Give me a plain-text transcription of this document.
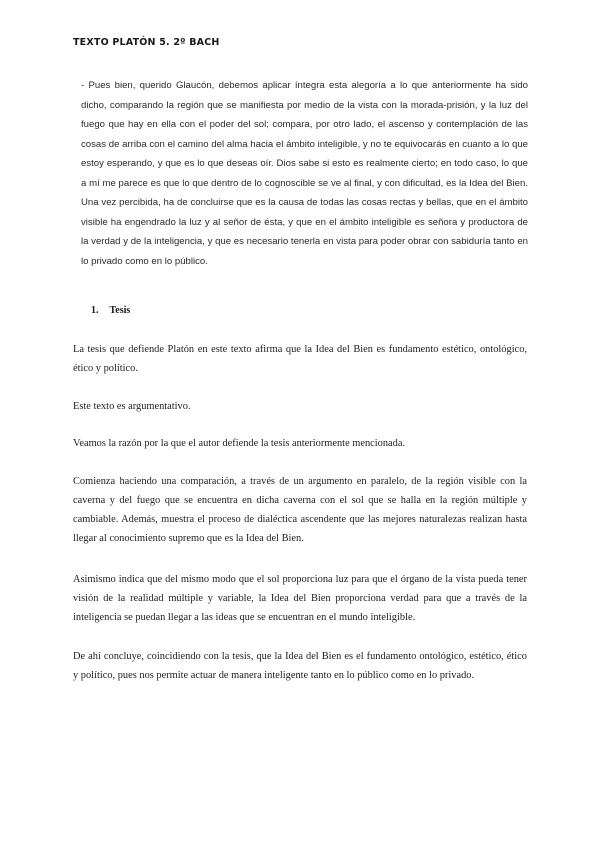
TEXTO PLATÓN 5. 2º BACH

- Pues bien, querido Glaucón, debemos aplicar íntegra esta alegoría a lo que anteriormente ha sido dicho, comparando la región que se manifiesta por medio de la vista con la morada-prisión, y la luz del fuego que hay en ella con el poder del sol; compara, por otro lado, el ascenso y contemplación de las cosas de arriba con el camino del alma hacia el ámbito inteligible, y no te equivocarás en cuanto a lo que estoy esperando, y que es lo que deseas oír. Dios sabe si esto es realmente cierto; en todo caso, lo que a mí me parece es que lo que dentro de lo cognoscible se ve al final, y con dificultad, es la Idea del Bien. Una vez percibida, ha de concluirse que es la causa de todas las cosas rectas y bellas, que en el ámbito visible ha engendrado la luz y al señor de ésta, y que en el ámbito inteligible es señora y productora de la verdad y de la inteligencia, y que es necesario tenerla en vista para poder obrar con sabiduría tanto en lo privado como en lo público.

1. Tesis

La tesis que defiende Platón en este texto afirma que la Idea del Bien es fundamento estético, ontológico, ético y político.

Este texto es argumentativo.

Veamos la razón por la que el autor defiende la tesis anteriormente mencionada.

Comienza haciendo una comparación, a través de un argumento en paralelo, de la región visible con la caverna y del fuego que se encuentra en dicha caverna con el sol que se halla en la región múltiple y cambiable. Además, muestra el proceso de dialéctica ascendente que las mejores naturalezas realizan hasta llegar al conocimiento supremo que es la Idea del Bien.

Asimismo indica que del mismo modo que el sol proporciona luz para que el órgano de la vista pueda tener visión de la realidad múltiple y variable, la Idea del Bien proporciona verdad para que a través de la inteligencia se puedan llegar a las ideas que se encuentran en el mundo inteligible.

De ahí concluye, coincidiendo con la tesis, que la Idea del Bien es el fundamento ontológico, estético, ético y político, pues nos permite actuar de manera inteligente tanto en lo público como en lo privado.
